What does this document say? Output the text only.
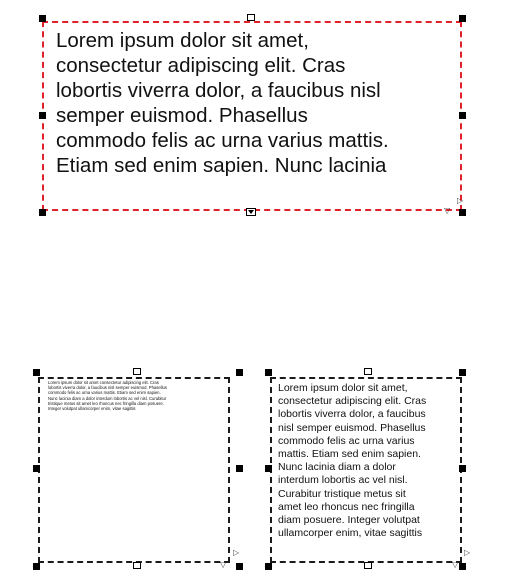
Lorem ipsum dolor sit amet,
consectetur adipiscing elit. Cras
lobortis viverra dolor, a faucibus nisl
semper euismod. Phasellus
commodo felis ac urna varius mattis.
Etiam sed enim sapien. Nunc lacinia
▷
▽
Lorem ipsum dolor sit amet consectetur adipiscing elit. Cras
lobortis viverra dolor, a faucibus nisl semper euismod. Phasellus
commodo felis ac urna varius mattis. Etiam sed enim sapien.
Nunc lacinia diam a dolor interdum lobortis ac vel nisl. Curabitur
tristique metus sit amet leo rhoncus nec fringilla diam posuere.
Integer volutpat ullamcorper enim, vitae sagittis
▷
▽
Lorem ipsum dolor sit amet,
consectetur adipiscing elit. Cras
lobortis viverra dolor, a faucibus
nisl semper euismod. Phasellus
commodo felis ac urna varius
mattis. Etiam sed enim sapien.
Nunc lacinia diam a dolor
interdum lobortis ac vel nisl.
Curabitur tristique metus sit
amet leo rhoncus nec fringilla
diam posuere. Integer volutpat
ullamcorper enim, vitae sagittis
▷
▽
